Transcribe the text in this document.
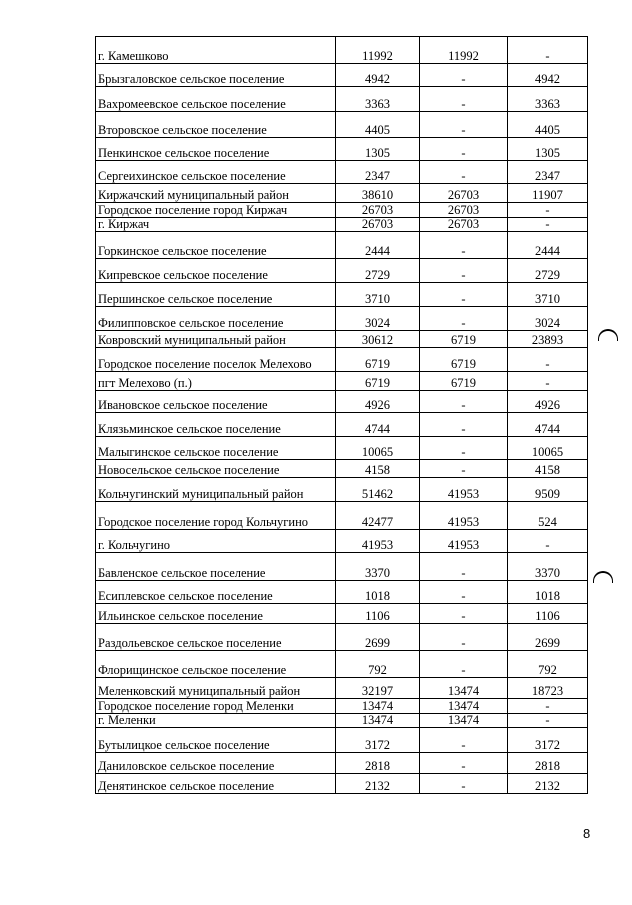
г. Камешково	11992	11992	-
Брызгаловское сельское поселение	4942	-	4942
Вахромеевское сельское поселение	3363	-	3363
Второвское сельское поселение	4405	-	4405
Пенкинское сельское поселение	1305	-	1305
Сергеихинское сельское поселение	2347	-	2347
Киржачский муниципальный район	38610	26703	11907
Городское поселение город Киржач	26703	26703	-
г. Киржач	26703	26703	-
Горкинское сельское поселение	2444	-	2444
Кипревское сельское поселение	2729	-	2729
Першинское сельское поселение	3710	-	3710
Филипповское сельское поселение	3024	-	3024
Ковровский муниципальный район	30612	6719	23893
Городское поселение поселок Мелехово	6719	6719	-
пгт Мелехово (п.)	6719	6719	-
Ивановское сельское поселение	4926	-	4926
Клязьминское сельское поселение	4744	-	4744
Малыгинское сельское поселение	10065	-	10065
Новосельское сельское поселение	4158	-	4158
Кольчугинский муниципальный район	51462	41953	9509
Городское поселение город Кольчугино	42477	41953	524
г. Кольчугино	41953	41953	-
Бавленское сельское поселение	3370	-	3370
Есиплевское сельское поселение	1018	-	1018
Ильинское сельское поселение	1106	-	1106
Раздольевское сельское поселение	2699	-	2699
Флорищинское сельское поселение	792	-	792
Меленковский муниципальный район	32197	13474	18723
Городское поселение город Меленки	13474	13474	-
г. Меленки	13474	13474	-
Бутылицкое сельское поселение	3172	-	3172
Даниловское сельское поселение	2818	-	2818
Денятинское сельское поселение	2132	-	2132
8
